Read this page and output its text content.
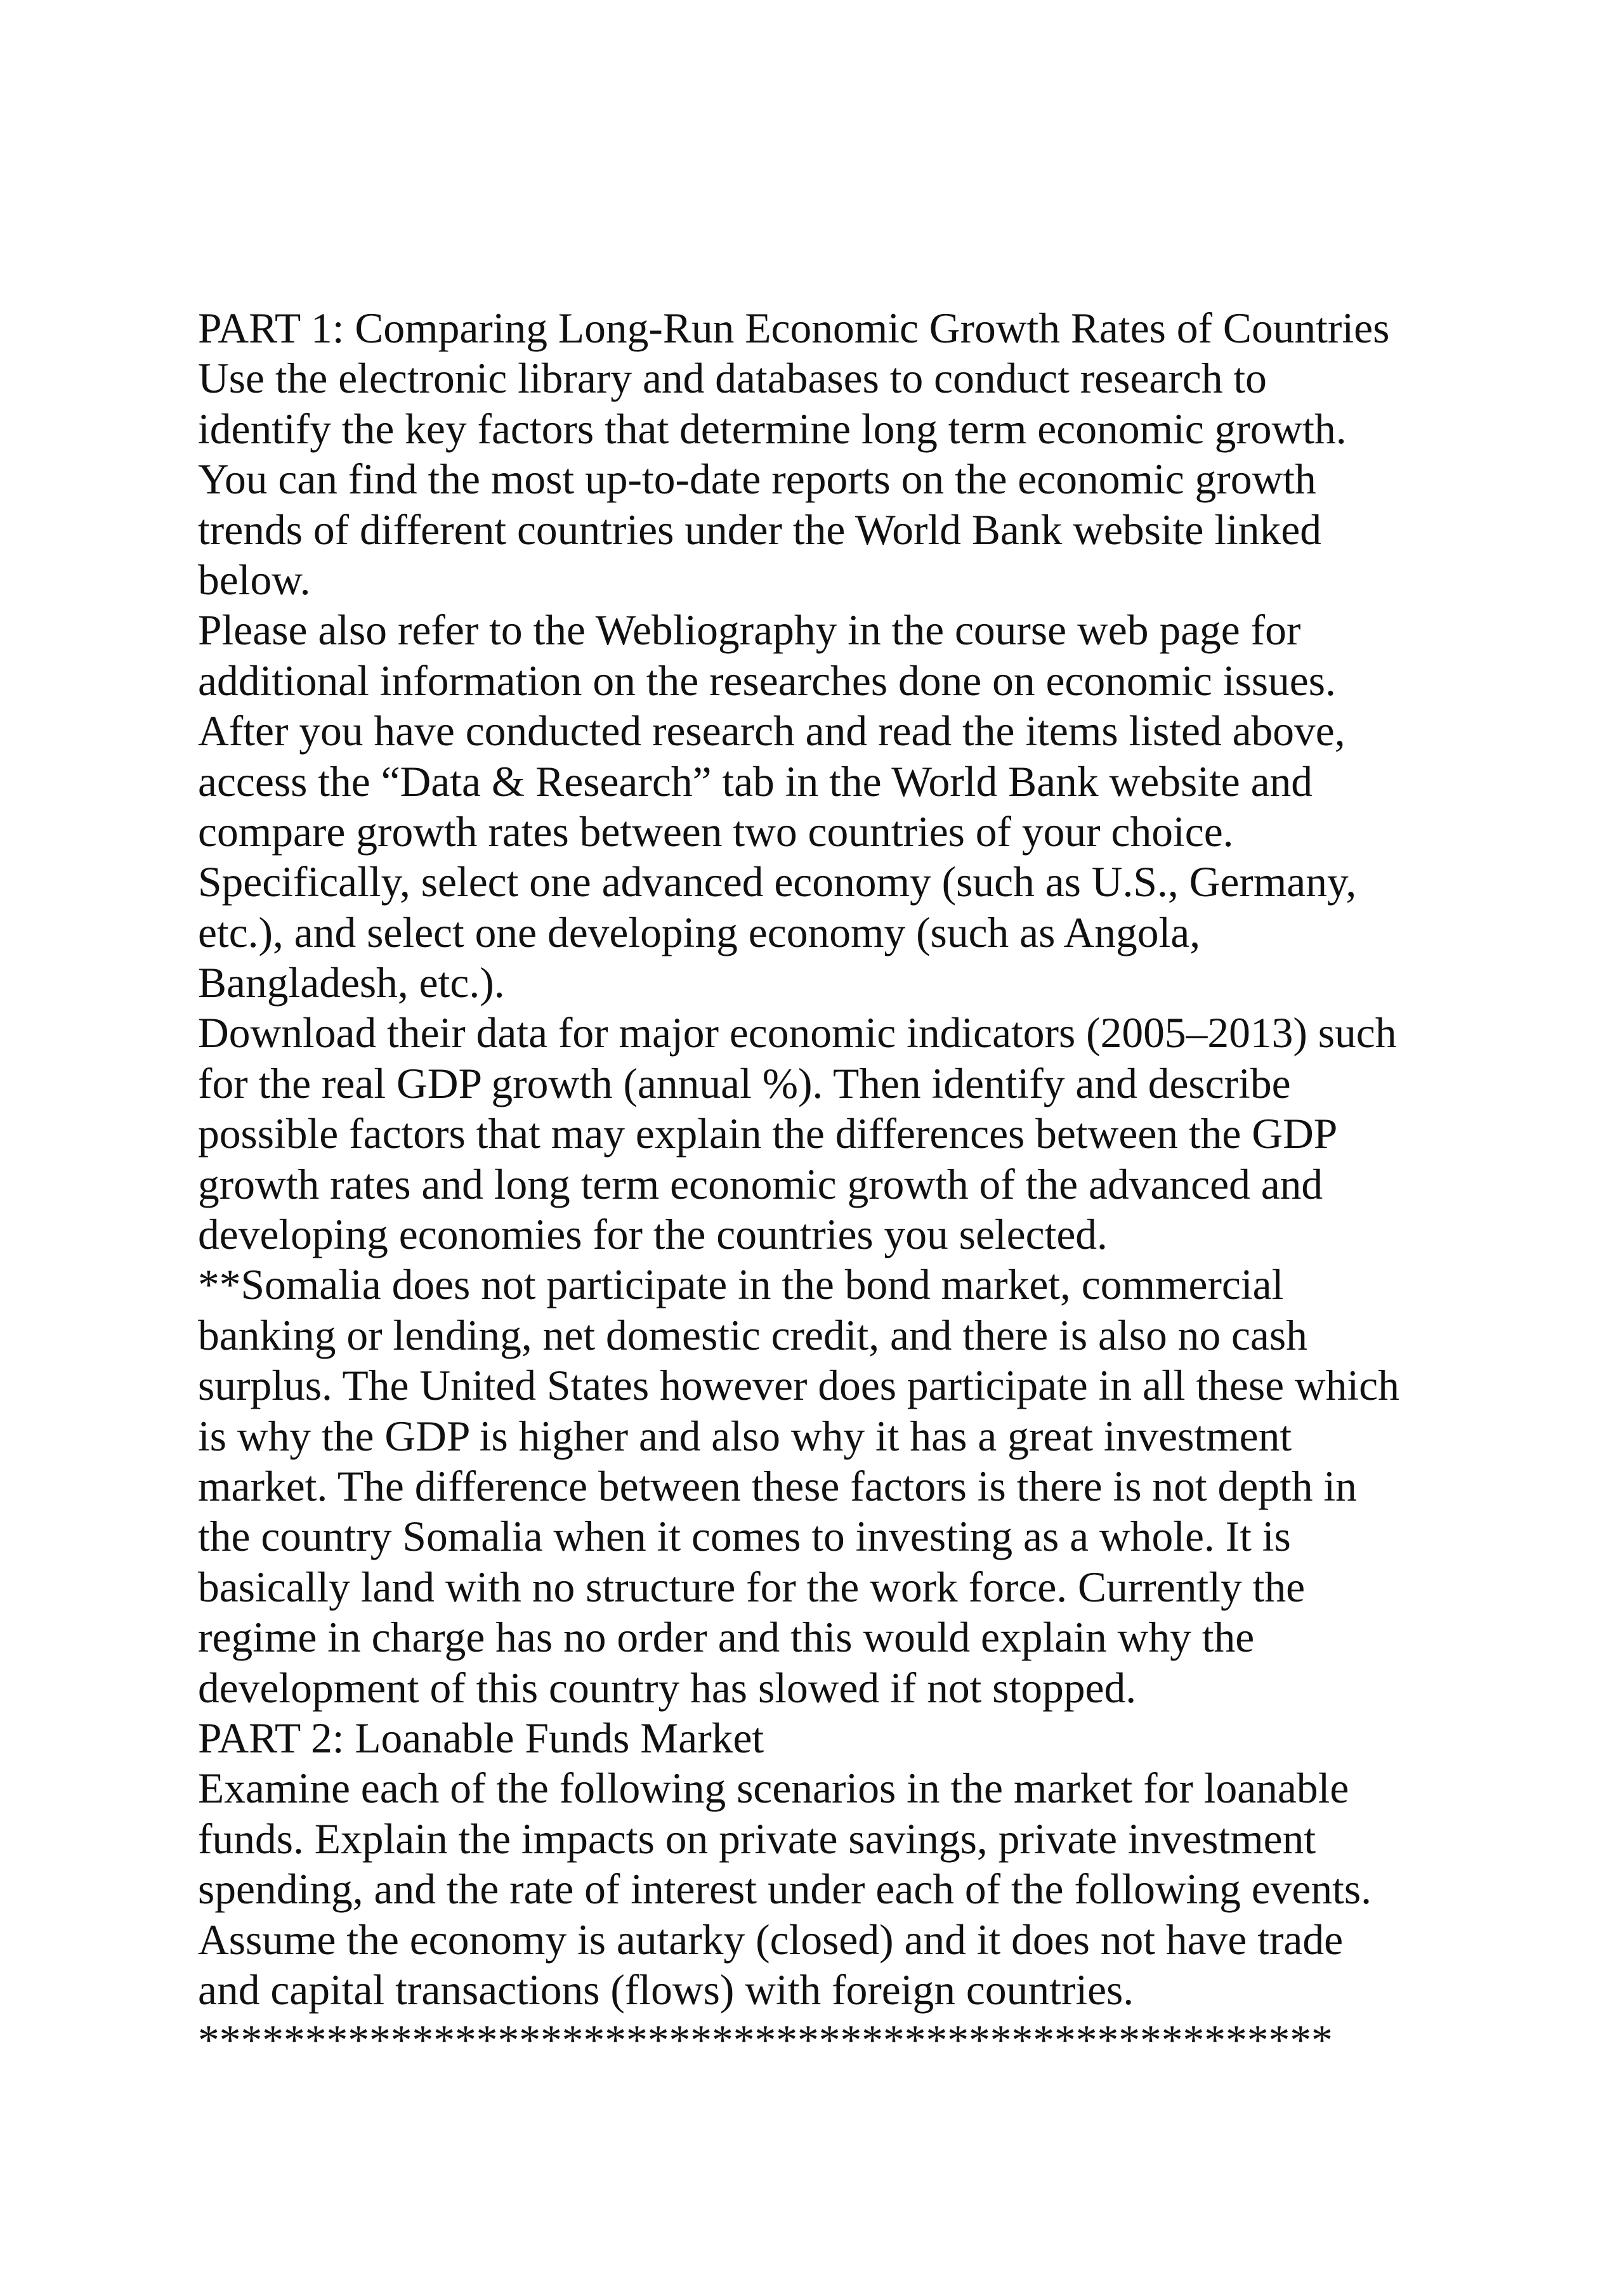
PART 1: Comparing Long-Run Economic Growth Rates of Countries
Use the electronic library and databases to conduct research to
identify the key factors that determine long term economic growth.
You can find the most up-to-date reports on the economic growth
trends of different countries under the World Bank website linked
below.
Please also refer to the Webliography in the course web page for
additional information on the researches done on economic issues.
After you have conducted research and read the items listed above,
access the “Data & Research” tab in the World Bank website and
compare growth rates between two countries of your choice.
Specifically, select one advanced economy (such as U.S., Germany,
etc.), and select one developing economy (such as Angola,
Bangladesh, etc.).
Download their data for major economic indicators (2005–2013) such
for the real GDP growth (annual %). Then identify and describe
possible factors that may explain the differences between the GDP
growth rates and long term economic growth of the advanced and
developing economies for the countries you selected.
**Somalia does not participate in the bond market, commercial
banking or lending, net domestic credit, and there is also no cash
surplus. The United States however does participate in all these which
is why the GDP is higher and also why it has a great investment
market. The difference between these factors is there is not depth in
the country Somalia when it comes to investing as a whole. It is
basically land with no structure for the work force. Currently the
regime in charge has no order and this would explain why the
development of this country has slowed if not stopped.
PART 2: Loanable Funds Market
Examine each of the following scenarios in the market for loanable
funds. Explain the impacts on private savings, private investment
spending, and the rate of interest under each of the following events.
Assume the economy is autarky (closed) and it does not have trade
and capital transactions (flows) with foreign countries.
*****************************************************
